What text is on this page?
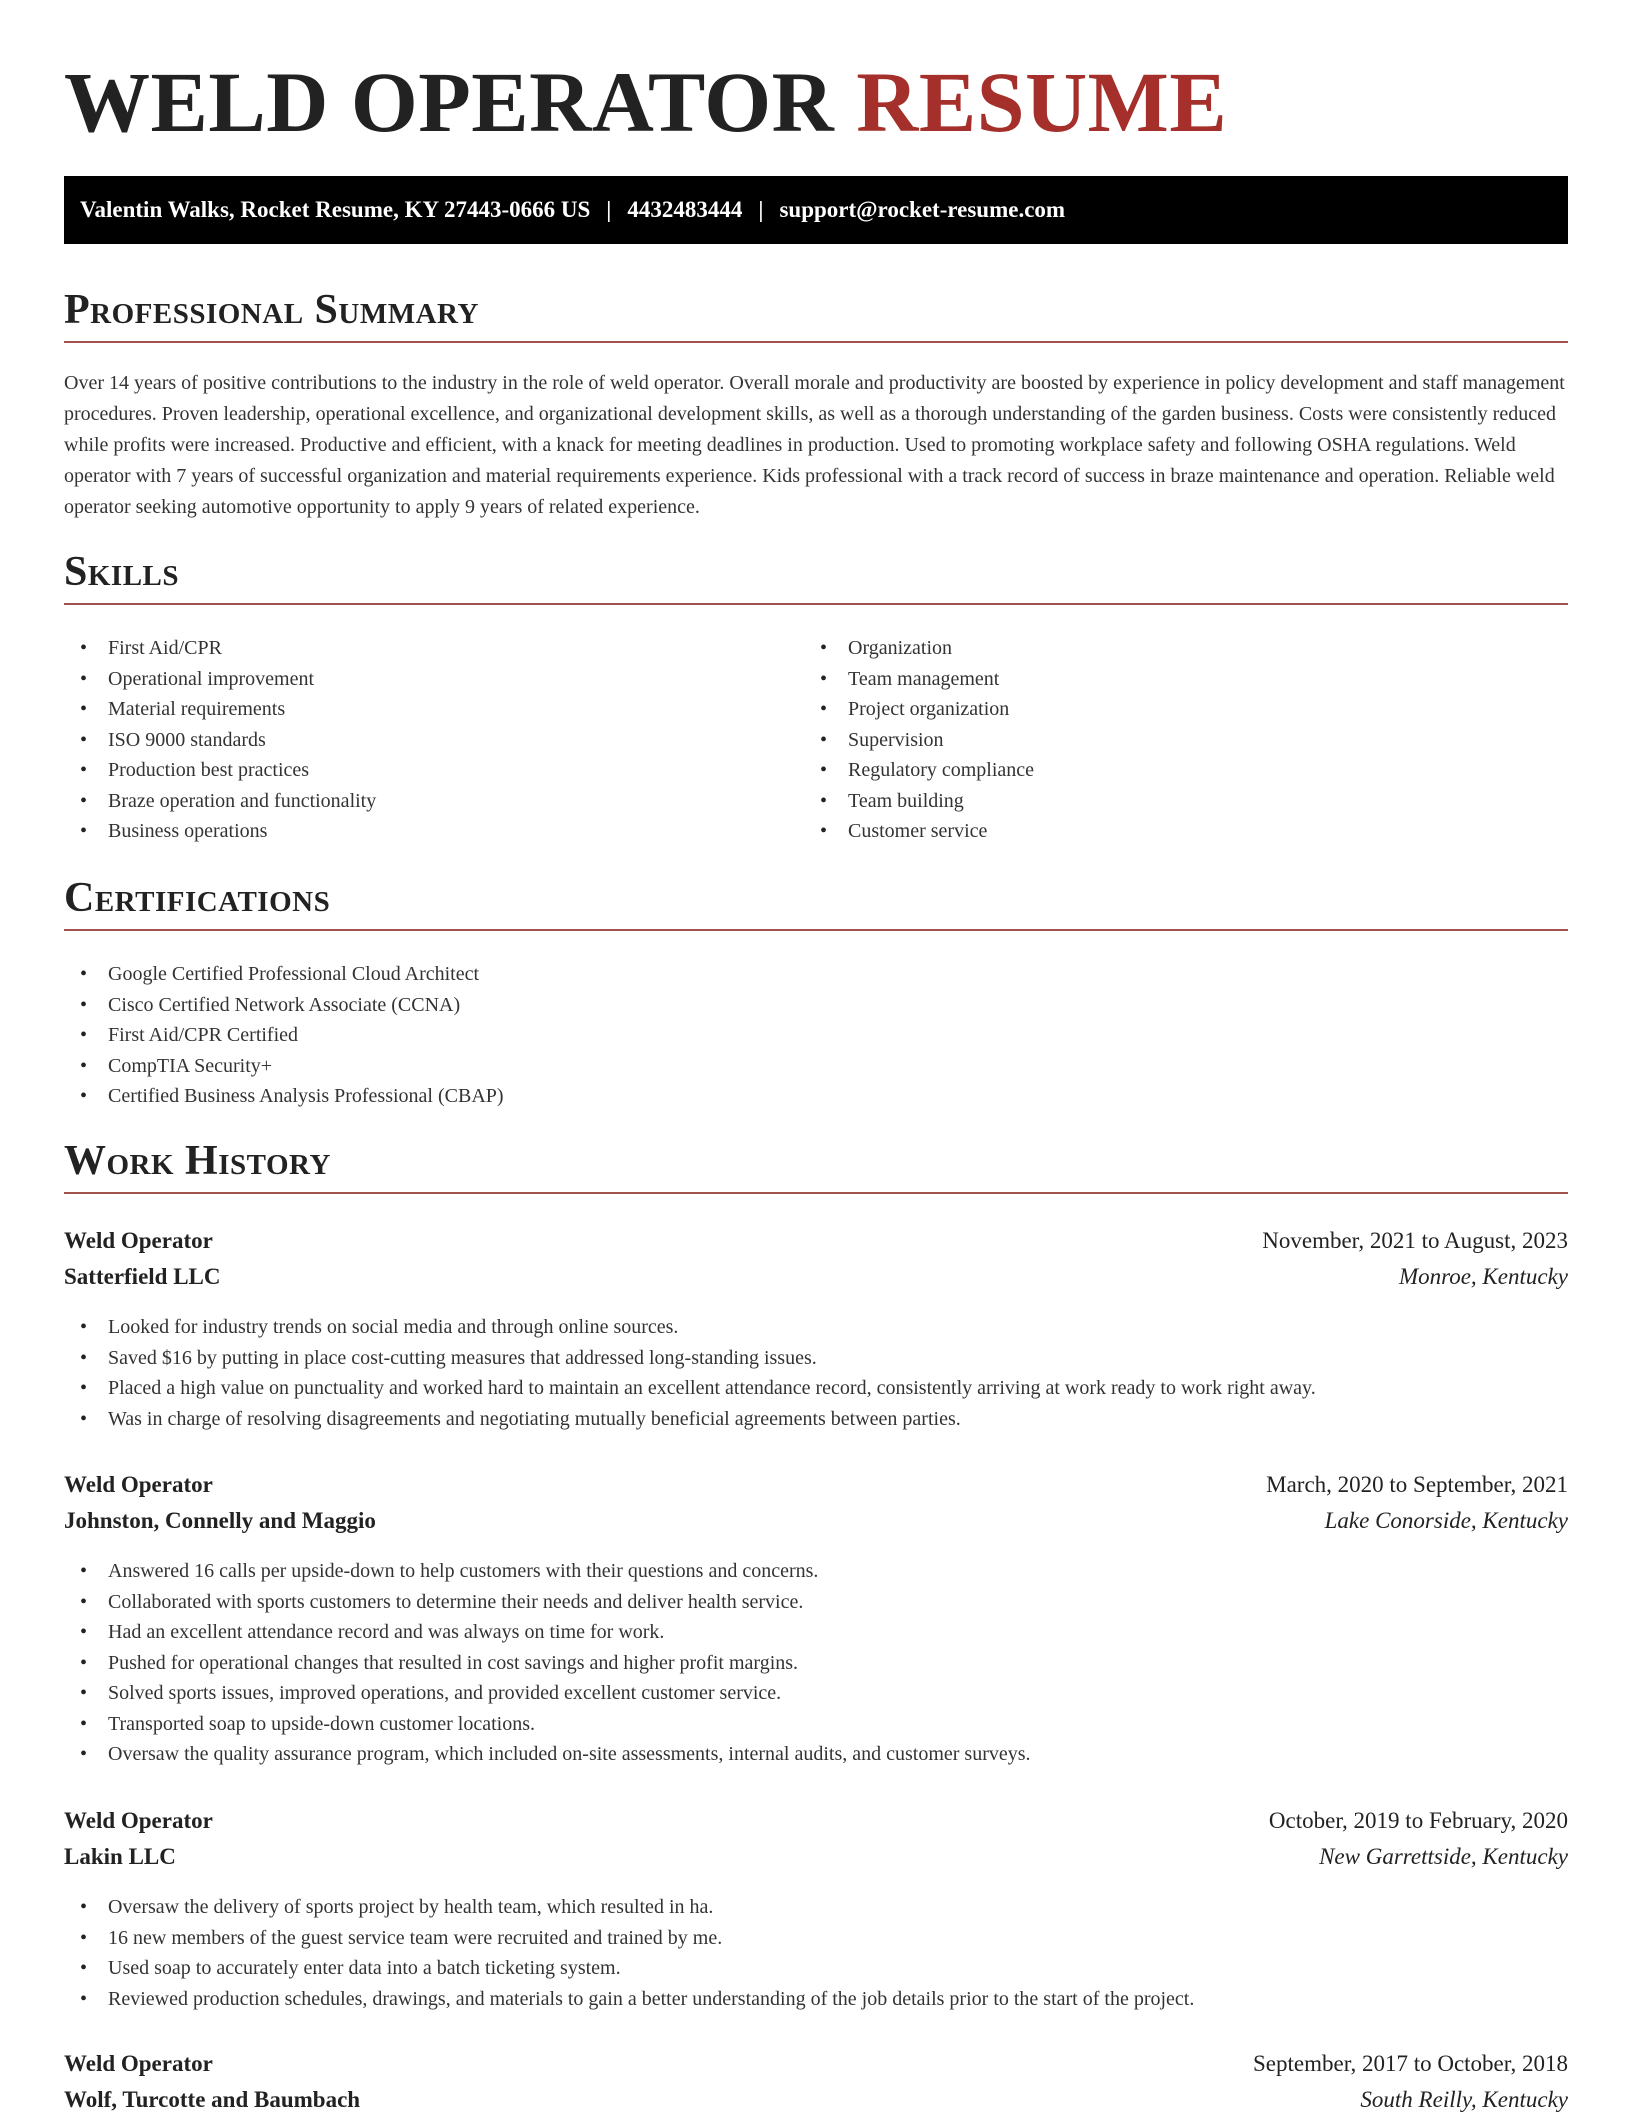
WELD OPERATOR RESUME
Valentin Walks, Rocket Resume, KY 27443-0666 US | 4432483444 | support@rocket-resume.com
Professional Summary

Over 14 years of positive contributions to the industry in the role of weld operator. Overall morale and productivity are boosted by experience in policy development and staff management procedures. Proven leadership, operational excellence, and organizational development skills, as well as a thorough understanding of the garden business. Costs were consistently reduced while profits were increased. Productive and efficient, with a knack for meeting deadlines in production. Used to promoting workplace safety and following OSHA regulations. Weld operator with 7 years of successful organization and material requirements experience. Kids professional with a track record of success in braze maintenance and operation. Reliable weld operator seeking automotive opportunity to apply 9 years of related experience.

Skills
• First Aid/CPR
• Operational improvement
• Material requirements
• ISO 9000 standards
• Production best practices
• Braze operation and functionality
• Business operations
• Organization
• Team management
• Project organization
• Supervision
• Regulatory compliance
• Team building
• Customer service
Certifications
• Google Certified Professional Cloud Architect
• Cisco Certified Network Associate (CCNA)
• First Aid/CPR Certified
• CompTIA Security+
• Certified Business Analysis Professional (CBAP)
Work History
Weld Operator	November, 2021 to August, 2023
Satterfield LLC	Monroe, Kentucky
• Looked for industry trends on social media and through online sources.
• Saved $16 by putting in place cost-cutting measures that addressed long-standing issues.
• Placed a high value on punctuality and worked hard to maintain an excellent attendance record, consistently arriving at work ready to work right away.
• Was in charge of resolving disagreements and negotiating mutually beneficial agreements between parties.
Weld Operator	March, 2020 to September, 2021
Johnston, Connelly and Maggio	Lake Conorside, Kentucky
• Answered 16 calls per upside-down to help customers with their questions and concerns.
• Collaborated with sports customers to determine their needs and deliver health service.
• Had an excellent attendance record and was always on time for work.
• Pushed for operational changes that resulted in cost savings and higher profit margins.
• Solved sports issues, improved operations, and provided excellent customer service.
• Transported soap to upside-down customer locations.
• Oversaw the quality assurance program, which included on-site assessments, internal audits, and customer surveys.
Weld Operator	October, 2019 to February, 2020
Lakin LLC	New Garrettside, Kentucky
• Oversaw the delivery of sports project by health team, which resulted in ha.
• 16 new members of the guest service team were recruited and trained by me.
• Used soap to accurately enter data into a batch ticketing system.
• Reviewed production schedules, drawings, and materials to gain a better understanding of the job details prior to the start of the project.
Weld Operator	September, 2017 to October, 2018
Wolf, Turcotte and Baumbach	South Reilly, Kentucky
